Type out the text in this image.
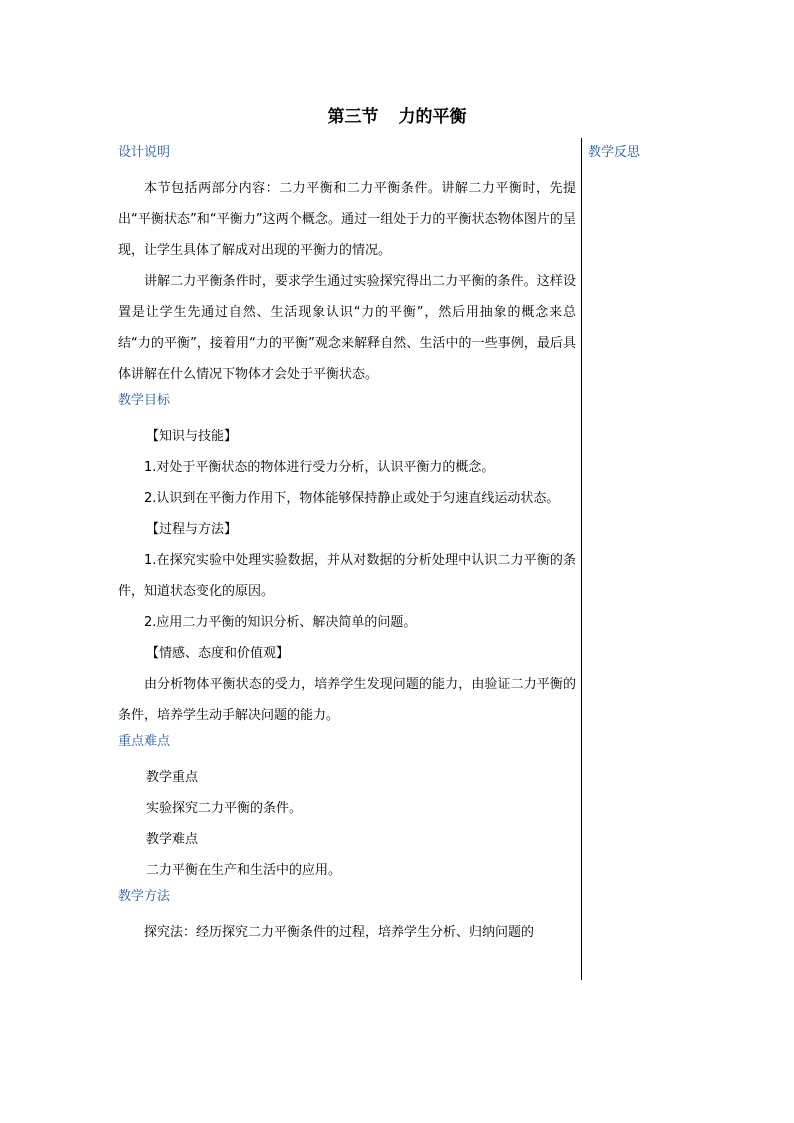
第三节 力的平衡
教学反思
设计说明

本节包括两部分内容：二力平衡和二力平衡条件。讲解二力平衡时，先提出“平衡状态”和“平衡力”这两个概念。通过一组处于力的平衡状态物体图片的呈现，让学生具体了解成对出现的平衡力的情况。

讲解二力平衡条件时，要求学生通过实验探究得出二力平衡的条件。这样设置是让学生先通过自然、生活现象认识“力的平衡”，然后用抽象的概念来总结“力的平衡”，接着用“力的平衡”观念来解释自然、生活中的一些事例，最后具体讲解在什么情况下物体才会处于平衡状态。

教学目标

【知识与技能】

1.对处于平衡状态的物体进行受力分析，认识平衡力的概念。

2.认识到在平衡力作用下，物体能够保持静止或处于匀速直线运动状态。

【过程与方法】

1.在探究实验中处理实验数据，并从对数据的分析处理中认识二力平衡的条件，知道状态变化的原因。

2.应用二力平衡的知识分析、解决简单的问题。

【情感、态度和价值观】

由分析物体平衡状态的受力，培养学生发现问题的能力，由验证二力平衡的条件，培养学生动手解决问题的能力。

重点难点

教学重点

实验探究二力平衡的条件。

教学难点

二力平衡在生产和生活中的应用。

教学方法

探究法：经历探究二力平衡条件的过程，培养学生分析、归纳问题的
